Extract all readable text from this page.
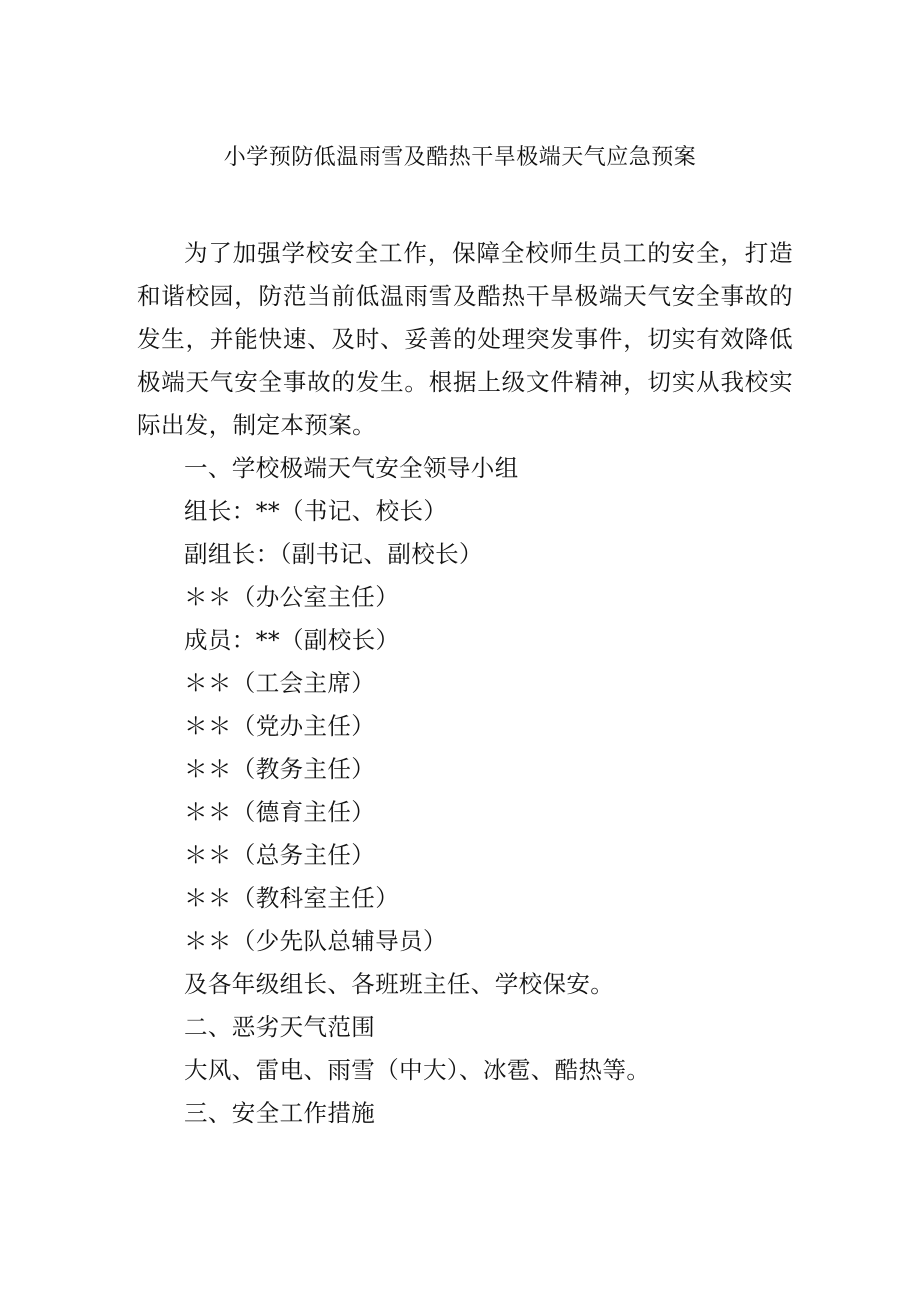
小学预防低温雨雪及酷热干旱极端天气应急预案

为了加强学校安全工作，保障全校师生员工的安全，打造和谐校园，防范当前低温雨雪及酷热干旱极端天气安全事故的发生，并能快速、及时、妥善的处理突发事件，切实有效降低极端天气安全事故的发生。根据上级文件精神，切实从我校实际出发，制定本预案。

一、学校极端天气安全领导小组
组长：**（书记、校长）
副组长：（副书记、副校长）
＊＊（办公室主任）
成员：**（副校长）
＊＊（工会主席）
＊＊（党办主任）
＊＊（教务主任）
＊＊（德育主任）
＊＊（总务主任）
＊＊（教科室主任）
＊＊（少先队总辅导员）
及各年级组长、各班班主任、学校保安。
二、恶劣天气范围
大风、雷电、雨雪（中大）、冰雹、酷热等。
三、安全工作措施
